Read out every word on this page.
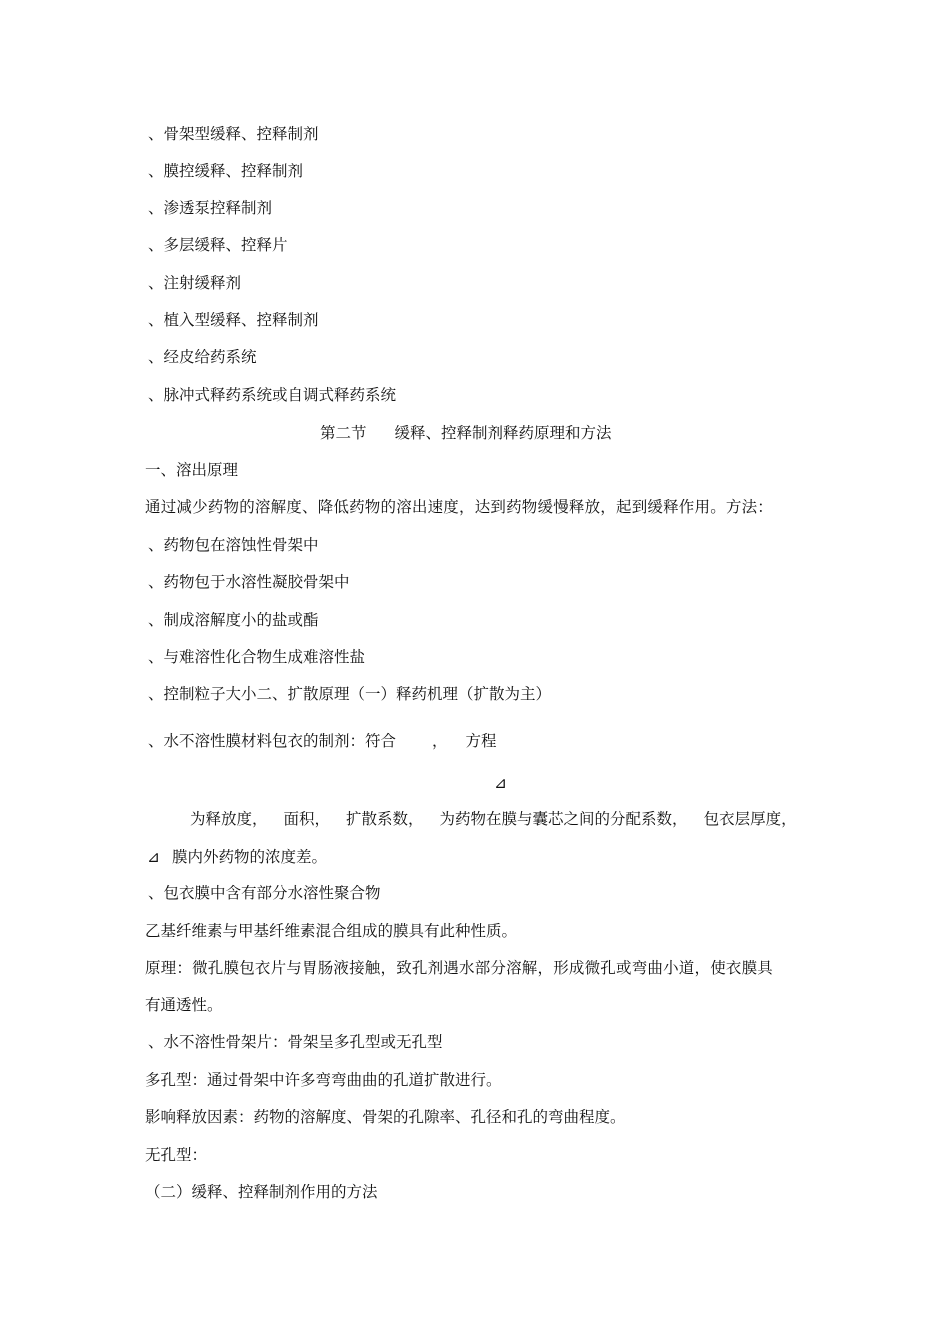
、骨架型缓释、控释制剂
、膜控缓释、控释制剂
、渗透泵控释制剂
、多层缓释、控释片
、注射缓释剂
、植入型缓释、控释制剂
、经皮给药系统
、脉冲式释药系统或自调式释药系统
第二节 缓释、控释制剂释药原理和方法
一、溶出原理
通过减少药物的溶解度、降低药物的溶出速度，达到药物缓慢释放，起到缓释作用。方法：
、药物包在溶蚀性骨架中
、药物包于水溶性凝胶骨架中
、制成溶解度小的盐或酯
、与难溶性化合物生成难溶性盐
、控制粒子大小二、扩散原理（一）释药机理（扩散为主）
、水不溶性膜材料包衣的制剂：符合 ， 方程
⊿
为释放度， 面积， 扩散系数， 为药物在膜与囊芯之间的分配系数， 包衣层厚度，
⊿ 膜内外药物的浓度差。
、包衣膜中含有部分水溶性聚合物
乙基纤维素与甲基纤维素混合组成的膜具有此种性质。
原理：微孔膜包衣片与胃肠液接触，致孔剂遇水部分溶解，形成微孔或弯曲小道，使衣膜具
有通透性。
、水不溶性骨架片：骨架呈多孔型或无孔型
多孔型：通过骨架中许多弯弯曲曲的孔道扩散进行。
影响释放因素：药物的溶解度、骨架的孔隙率、孔径和孔的弯曲程度。
无孔型：
（二）缓释、控释制剂作用的方法
